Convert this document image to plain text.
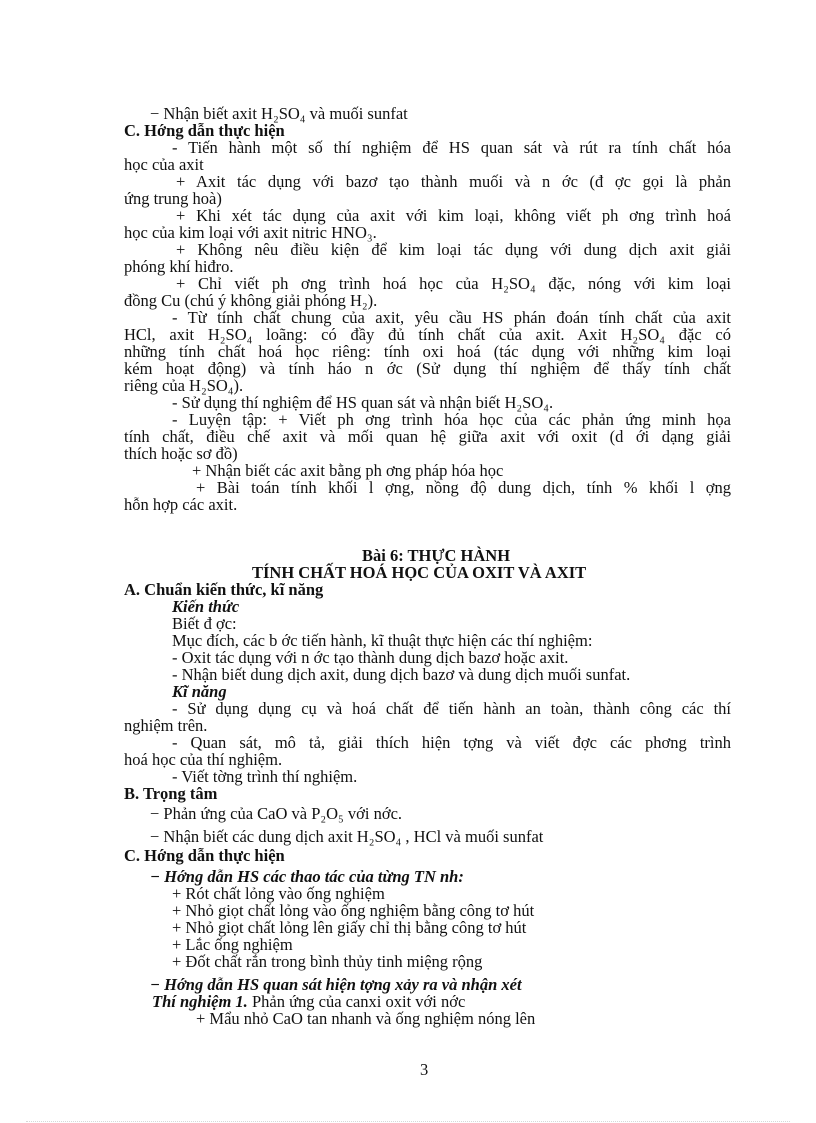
− Nhận biết axit H₂SO₄ và muối sunfat
C. Hớng dẫn thực hiện
- Tiến hành một số thí nghiệm để HS quan sát và rút ra tính chất hóa
học của axit
+ Axit tác dụng với bazơ tạo thành muối và n ớc (đ ợc gọi là phản
ứng trung hoà)
+ Khi xét tác dụng của axit với kim loại, không viết ph ơng trình hoá
học của kim loại với axit nitric HNO₃.
+ Không nêu điều kiện để kim loại tác dụng với dung dịch axit giải
phóng khí hiđro.
+ Chỉ viết ph ơng trình hoá học của H₂SO₄ đặc, nóng với kim loại
đồng Cu (chú ý không giải phóng H₂).
- Từ tính chất chung của axit, yêu cầu HS phán đoán tính chất của axit
HCl, axit H₂SO₄ loãng: có đầy đủ tính chất của axit. Axit H₂SO₄ đặc có
những tính chất hoá học riêng: tính oxi hoá (tác dụng với những kim loại
kém hoạt động) và tính háo n ớc (Sử dụng thí nghiệm để thấy tính chất
riêng của H₂SO₄).
- Sử dụng thí nghiệm để HS quan sát và nhận biết H₂SO₄.
- Luyện tập: + Viết ph ơng trình hóa học của các phản ứng minh họa
tính chất, điều chế axit và mối quan hệ giữa axit với oxit (d ới dạng giải
thích hoặc sơ đồ)
+ Nhận biết các axit bằng ph ơng pháp hóa học
+ Bài toán tính khối l ợng, nồng độ dung dịch, tính % khối l ợng
hỗn hợp các axit.
Bài 6: THỰC HÀNH
TÍNH CHẤT HOÁ HỌC CỦA OXIT VÀ AXIT
A. Chuẩn kiến thức, kĩ năng
Kiến thức
Biết đ ợc:
Mục đích, các b ớc tiến hành, kĩ thuật thực hiện các thí nghiệm:
- Oxit tác dụng với n ớc tạo thành dung dịch bazơ hoặc axit.
- Nhận biết dung dịch axit, dung dịch bazơ và dung dịch muối sunfat.
Kĩ năng
- Sử dụng dụng cụ và hoá chất để tiến hành an toàn, thành công các thí
nghiệm trên.
- Quan sát, mô tả, giải thích hiện tợng và viết đợc các phơng trình
hoá học của thí nghiệm.
- Viết tờng trình thí nghiệm.
B. Trọng tâm
− Phản ứng của CaO và P₂O₅ với nớc.
− Nhận biết các dung dịch axit H₂SO₄ , HCl và muối sunfat
C. Hớng dẫn thực hiện
− Hớng dẫn HS các thao tác của từng TN nh:
+ Rót chất lỏng vào ống nghiệm
+ Nhỏ giọt chất lỏng vào ống nghiệm bằng công tơ hút
+ Nhỏ giọt chất lỏng lên giấy chỉ thị bằng công tơ hút
+ Lắc ống nghiệm
+ Đốt chất rắn trong bình thủy tinh miệng rộng
− Hớng dẫn HS quan sát hiện tợng xảy ra và nhận xét
Thí nghiệm 1. Phản ứng của canxi oxit với nớc
+ Mẩu nhỏ CaO tan nhanh và ống nghiệm nóng lên
3
